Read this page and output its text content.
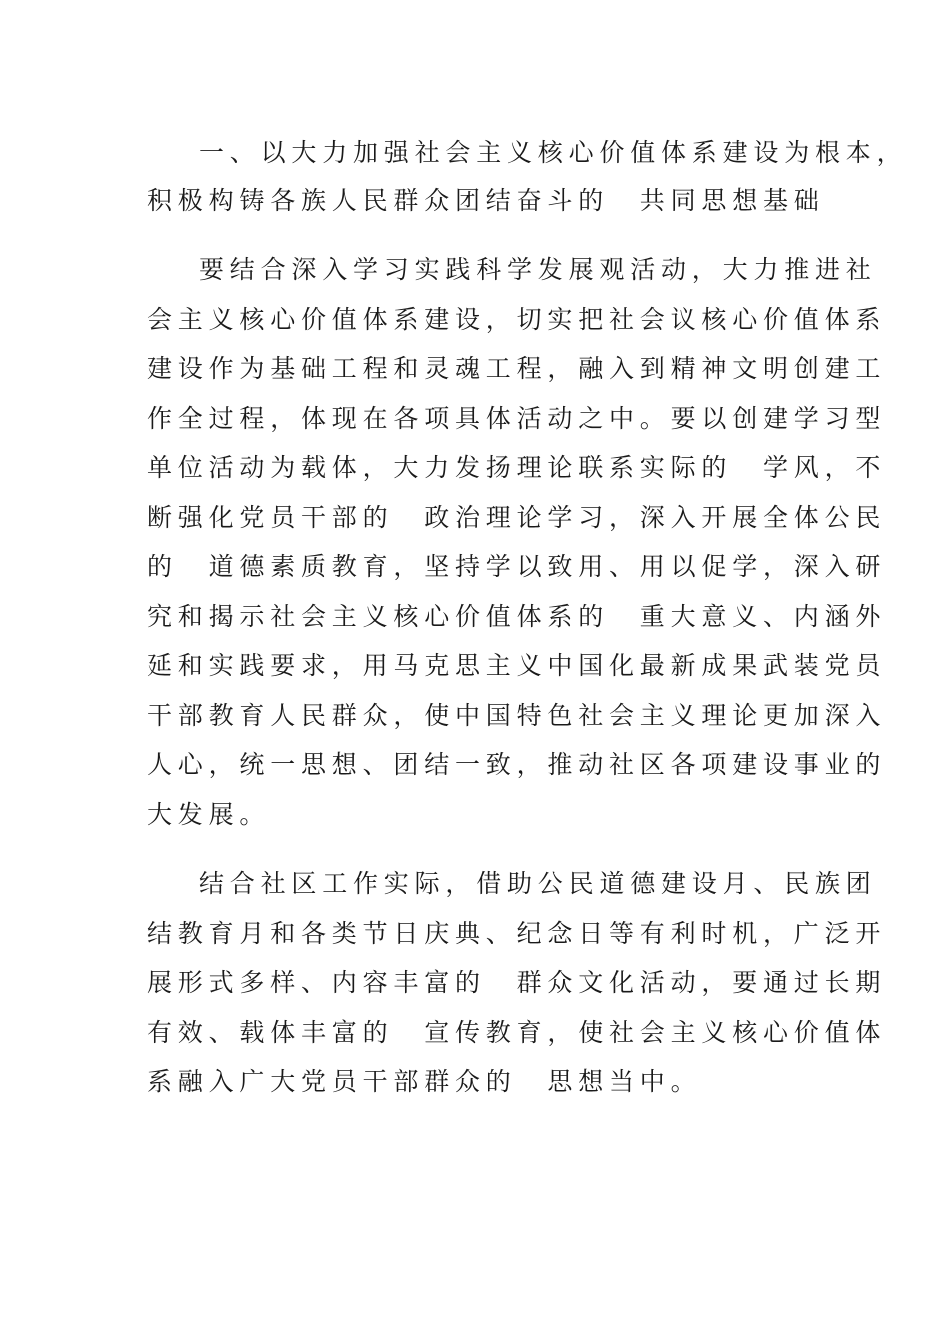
一、以大力加强社会主义核心价值体系建设为根本，
积极构铸各族人民群众团结奋斗的　共同思想基础
要结合深入学习实践科学发展观活动，大力推进社
会主义核心价值体系建设，切实把社会议核心价值体系
建设作为基础工程和灵魂工程，融入到精神文明创建工
作全过程，体现在各项具体活动之中。要以创建学习型
单位活动为载体，大力发扬理论联系实际的　学风，不
断强化党员干部的　政治理论学习，深入开展全体公民
的　道德素质教育，坚持学以致用、用以促学，深入研
究和揭示社会主义核心价值体系的　重大意义、内涵外
延和实践要求，用马克思主义中国化最新成果武装党员
干部教育人民群众，使中国特色社会主义理论更加深入
人心，统一思想、团结一致，推动社区各项建设事业的
大发展。
结合社区工作实际，借助公民道德建设月、民族团
结教育月和各类节日庆典、纪念日等有利时机，广泛开
展形式多样、内容丰富的　群众文化活动，要通过长期
有效、载体丰富的　宣传教育，使社会主义核心价值体
系融入广大党员干部群众的　思想当中。
